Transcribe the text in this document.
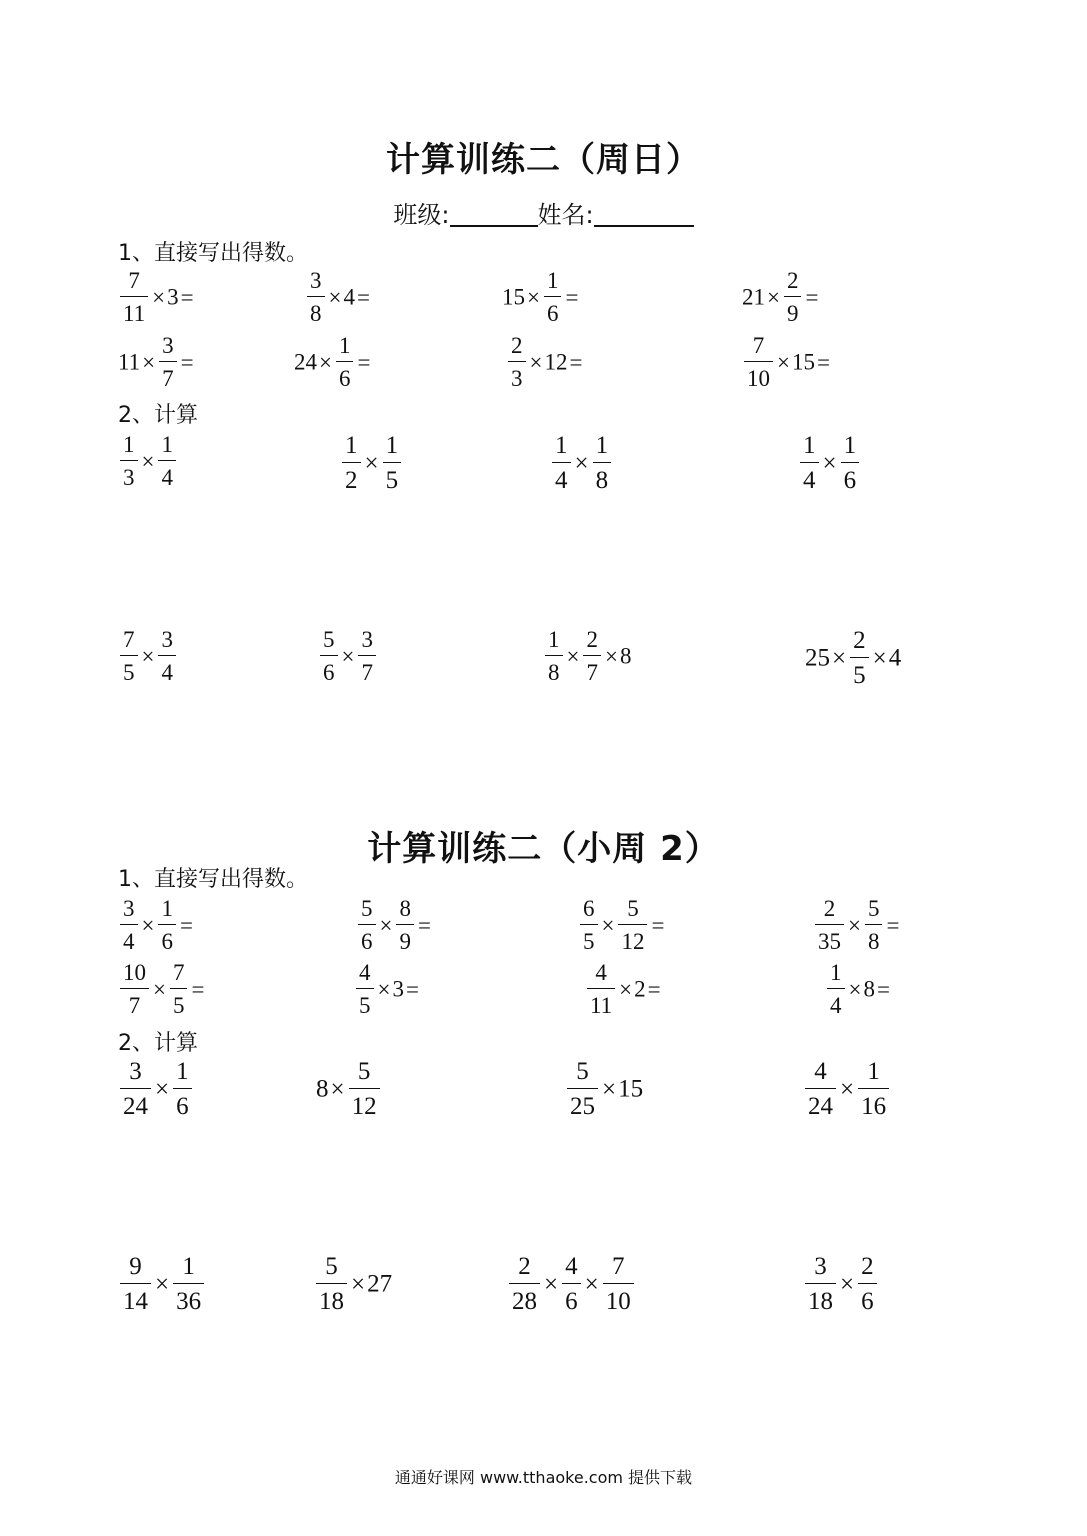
计算训练二（周日）
班级:	姓名:
1、直接写出得数。
$\frac{7}{11} \times 3=$	$\frac{3}{8} \times 4=$	$15\times \frac{1}{6}$ =	$21\times \frac{2}{9}$ =
$11\times \frac{3}{7}$ =	$24\times \frac{1}{6}$ =	$\frac{2}{3} \times 12=$	$\frac{7}{10} \times 15=$
2、计算
$\frac{1}{3} \times \frac{1}{4}$	$\frac{1}{2} \times \frac{1}{5}$	$\frac{1}{4} \times \frac{1}{8}$	$\frac{1}{4} \times \frac{1}{6}$
$\frac{7}{5} \times \frac{3}{4}$	$\frac{5}{6} \times \frac{3}{7}$	$\frac{1}{8} \times \frac{2}{7} \times 8$	$25\times \frac{2}{5} \times 4$
计算训练二（小周 2）
1、直接写出得数。
$\frac{3}{4} \times \frac{1}{6}$ =	$\frac{5}{6} \times \frac{8}{9}$ =	$\frac{6}{5} \times \frac{5}{12}$ =	$\frac{2}{35} \times \frac{5}{8}$ =
$\frac{10}{7} \times \frac{7}{5}$ =	$\frac{4}{5} \times 3=$	$\frac{4}{11} \times 2=$	$\frac{1}{4} \times 8=$
2、计算
$\frac{3}{24} \times \frac{1}{6}$	$8\times \frac{5}{12}$	$\frac{5}{25} \times 15$	$\frac{4}{24} \times \frac{1}{16}$
$\frac{9}{14} \times \frac{1}{36}$	$\frac{5}{18} \times 27$	$\frac{2}{28} \times \frac{4}{6} \times \frac{7}{10}$	$\frac{3}{18} \times \frac{2}{6}$
通通好课网 www.tthaoke.com 提供下载
